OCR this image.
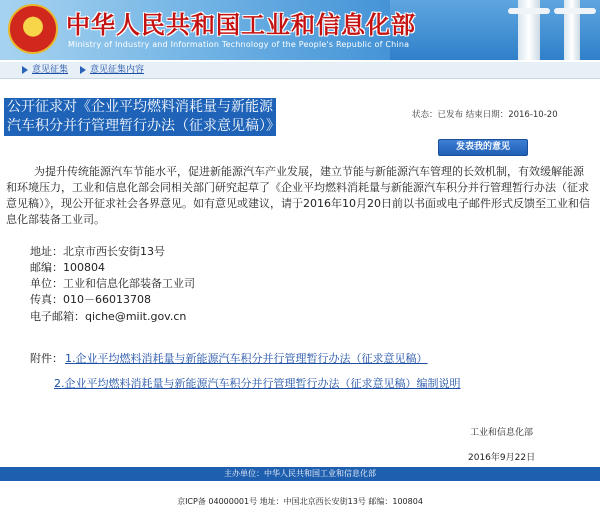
★	中华人民共和国工业和信息化部
Ministry of Industry and Information Technology of the People's Republic of China
意见征集 意见征集内容
公开征求对《企业平均燃料消耗量与新能源汽车积分并行管理暂行办法（征求意见稿）》的意见
状态：已发布 结束日期：2016-10-20
发表我的意见
为提升传统能源汽车节能水平，促进新能源汽车产业发展，建立节能与新能源汽车管理的长效机制，有效缓解能源和环境压力，工业和信息化部会同相关部门研究起草了《企业平均燃料消耗量与新能源汽车积分并行管理暂行办法（征求意见稿）》，现公开征求社会各界意见。如有意见或建议，请于2016年10月20日前以书面或电子邮件形式反馈至工业和信息化部装备工业司。
地址：北京市西长安街13号
邮编：100804
单位：工业和信息化部装备工业司
传真：010－66013708
电子邮箱：qiche@miit.gov.cn
附件： 1.企业平均燃料消耗量与新能源汽车积分并行管理暂行办法（征求意见稿）
2.企业平均燃料消耗量与新能源汽车积分并行管理暂行办法（征求意见稿）编制说明
工业和信息化部
2016年9月22日
主办单位：中华人民共和国工业和信息化部
京ICP备 04000001号 地址：中国北京西长安街13号 邮编：100804
